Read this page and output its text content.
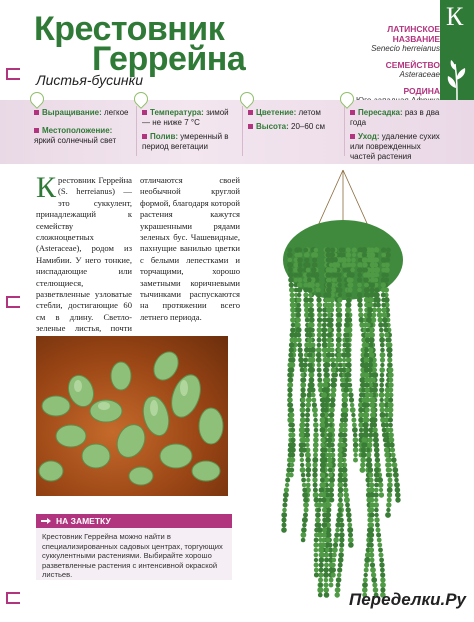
Крестовник
Геррейна
Листья-бусинки
К
ЛАТИНСКОЕ НАЗВАНИЕ
Senecio herreianus
СЕМЕЙСТВО
Asteraceae
РОДИНА
Выращивание: легкое
Местоположение:
яркий солнечный свет
Температура: зимой — не ниже 7 °С
Полив: умеренный в период вегетации
Цветение: летом
Высота: 20–60 см
Пересадка: раз в два года
Уход: удаление сухих или поврежденных частей растения
К рестовник Геррейна (S. herreianus) — это суккулент, принадлежащий к семейству сложноцветных (Asteraceae), родом из Намибии. У него тонкие, ниспадающие или стелющиеся, разветвленные узловатые стебли, достигающие 60 см в длину. Светло-зеленые листья, почти
отличаются своей необычной круглой формой, благодаря которой растения кажутся украшенными рядами зеленых бус. Чашевидные, пахнущие ванилью цветки с белыми лепестками и торчащими, хорошо заметными коричневыми тычинками распускаются на протяжении всего летнего периода.
НА ЗАМЕТКУ
Крестовник Геррейна можно найти в специализированных садовых центрах, торгующих суккулентными растениями. Выбирайте хорошо разветвленные растения с интенсивной окраской листьев.
Переделки.Ру
